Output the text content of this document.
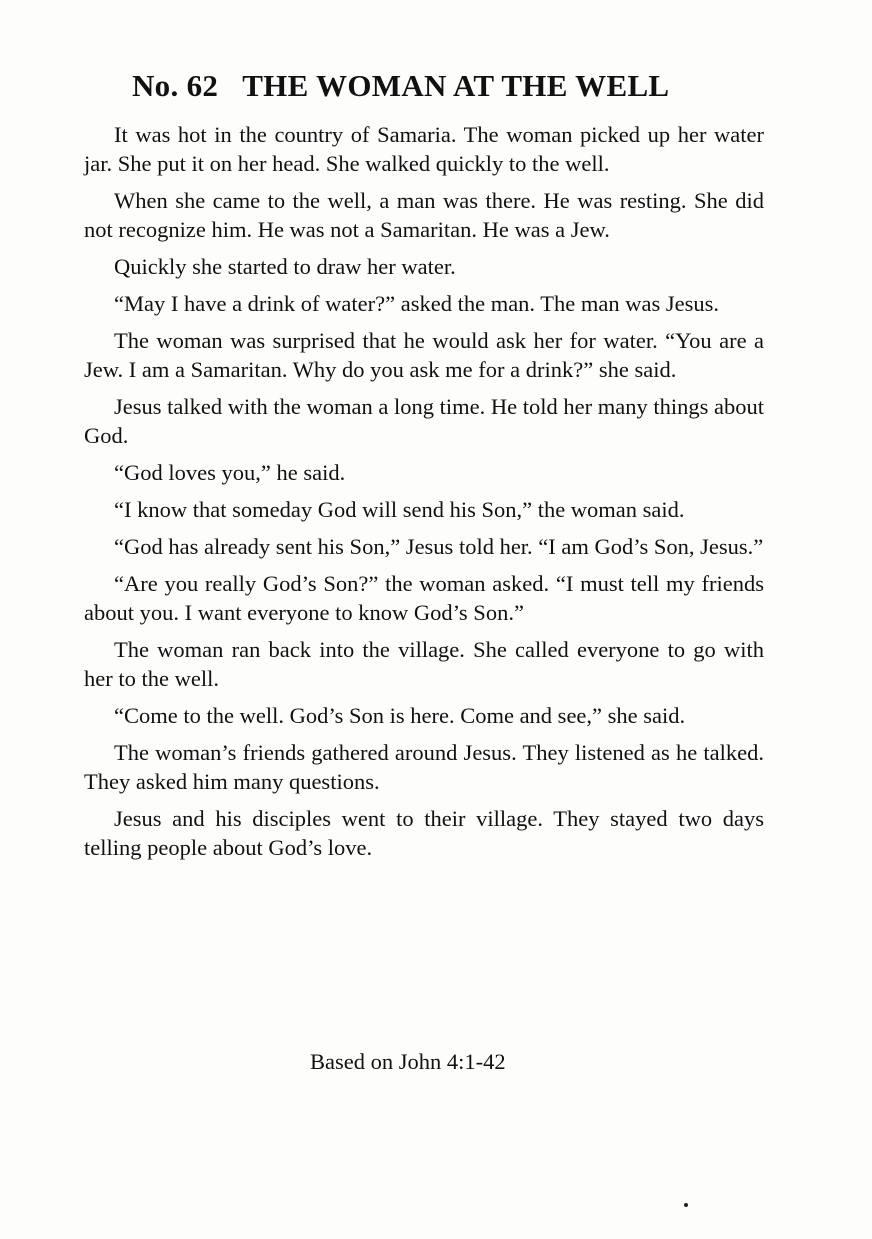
No. 62 THE WOMAN AT THE WELL

It was hot in the country of Samaria. The woman picked up her water jar. She put it on her head. She walked quickly to the well.

When she came to the well, a man was there. He was resting. She did not recognize him. He was not a Samaritan. He was a Jew.

Quickly she started to draw her water.

“May I have a drink of water?” asked the man. The man was Jesus.

The woman was surprised that he would ask her for water. “You are a Jew. I am a Samaritan. Why do you ask me for a drink?” she said.

Jesus talked with the woman a long time. He told her many things about God.

“God loves you,” he said.

“I know that someday God will send his Son,” the woman said.

“God has already sent his Son,” Jesus told her. “I am God’s Son, Jesus.”

“Are you really God’s Son?” the woman asked. “I must tell my friends about you. I want everyone to know God’s Son.”

The woman ran back into the village. She called everyone to go with her to the well.

“Come to the well. God’s Son is here. Come and see,” she said.

The woman’s friends gathered around Jesus. They listened as he talked. They asked him many questions.

Jesus and his disciples went to their village. They stayed two days telling people about God’s love.

Based on John 4:1-42
